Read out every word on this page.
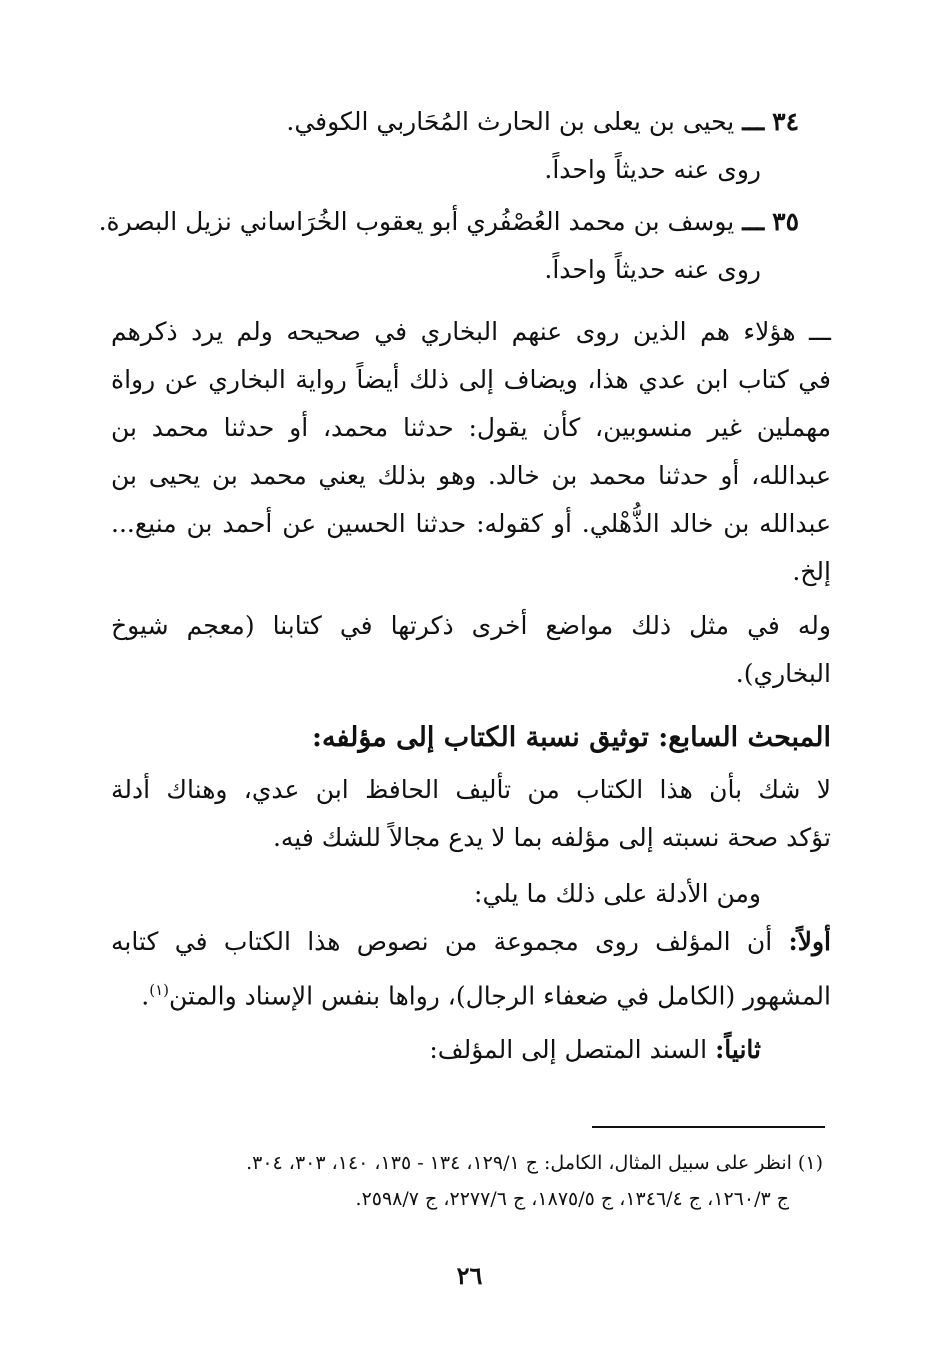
٣٤ ـــ يحيى بن يعلى بن الحارث المُحَاربي الكوفي.
روى عنه حديثاً واحداً.
٣٥ ـــ يوسف بن محمد العُصْفُري أبو يعقوب الخُرَاساني نزيل البصرة.
روى عنه حديثاً واحداً.
ـــ هؤلاء هم الذين روى عنهم البخاري في صحيحه ولم يرد ذكرهم
في كتاب ابن عدي هذا، ويضاف إلى ذلك أيضاً رواية البخاري عن رواة
مهملين غير منسوبين، كأن يقول: حدثنا محمد، أو حدثنا محمد بن
عبدالله، أو حدثنا محمد بن خالد. وهو بذلك يعني محمد بن يحيى بن
عبدالله بن خالد الذُّهْلي. أو كقوله: حدثنا الحسين عن أحمد بن منيع...
إلخ.
وله في مثل ذلك مواضع أخرى ذكرتها في كتابنا (معجم شيوخ
البخاري).
المبحث السابع: توثيق نسبة الكتاب إلى مؤلفه:
لا شك بأن هذا الكتاب من تأليف الحافظ ابن عدي، وهناك أدلة
تؤكد صحة نسبته إلى مؤلفه بما لا يدع مجالاً للشك فيه.
ومن الأدلة على ذلك ما يلي:
أولاً: أن المؤلف روى مجموعة من نصوص هذا الكتاب في كتابه
المشهور (الكامل في ضعفاء الرجال)، رواها بنفس الإسناد والمتن$^{(١)}$.
ثانياً: السند المتصل إلى المؤلف:
(١) انظر على سبيل المثال، الكامل: ج ١٢٩/١، ١٣٤ - ١٣٥، ١٤٠، ٣٠٣، ٣٠٤.
ج ١٢٦٠/٣، ج ١٣٤٦/٤، ج ١٨٧٥/٥، ج ٢٢٧٧/٦، ج ٢٥٩٨/٧.
٢٦
